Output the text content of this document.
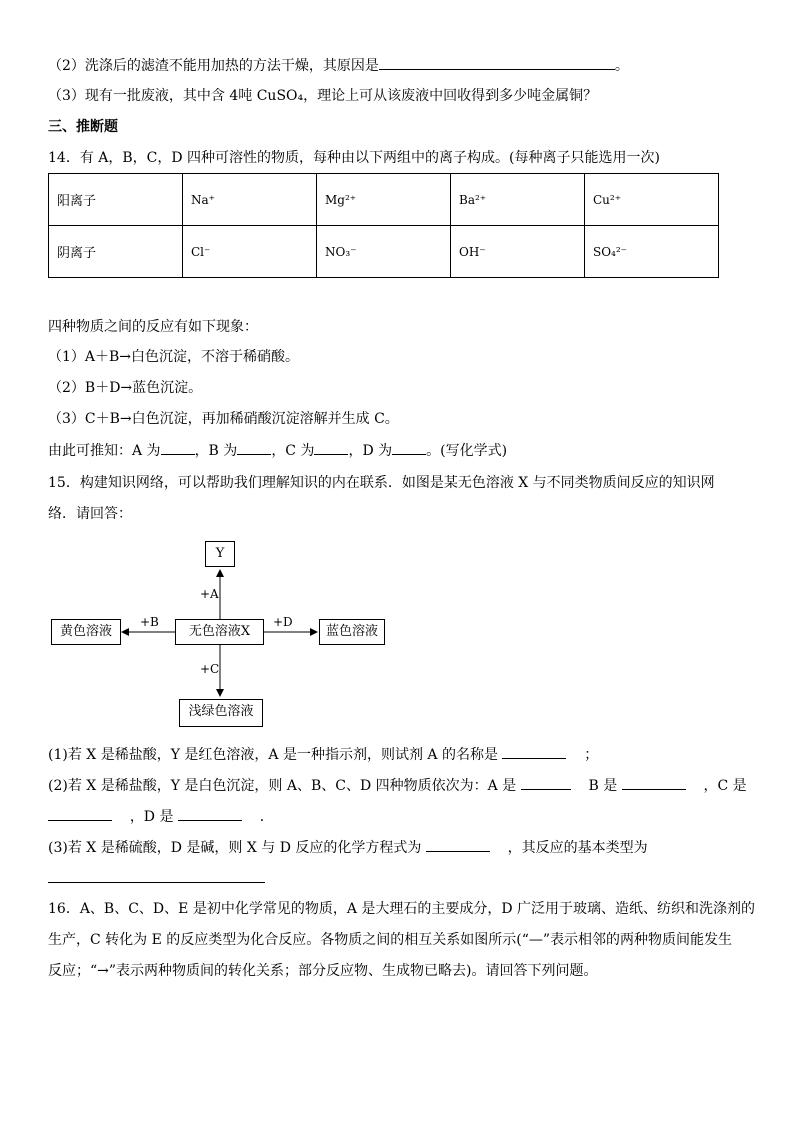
（2）洗涤后的滤渣不能用加热的方法干燥，其原因是	。
（3）现有一批废液，其中含 4吨 CuSO₄，理论上可从该废液中回收得到多少吨金属铜？
三、推断题
14．有 A，B，C，D 四种可溶性的物质，每种由以下两组中的离子构成。(每种离子只能选用一次)
阳离子	Na⁺	Mg²⁺	Ba²⁺	Cu²⁺
阴离子	Cl⁻	NO₃⁻	OH⁻	SO₄²⁻
四种物质之间的反应有如下现象：
（1）A＋B→白色沉淀，不溶于稀硝酸。
（2）B＋D→蓝色沉淀。
（3）C＋B→白色沉淀，再加稀硝酸沉淀溶解并生成 C。
由此可推知：A 为 ，B 为 ，C 为 ，D 为 。(写化学式)
15．构建知识网络，可以帮助我们理解知识的内在联系．如图是某无色溶液 X 与不同类物质间反应的知识网
络．请回答：
Y
无色溶液X
黄色溶液	蓝色溶液
浅绿色溶液
+A
+B	+D
+C
(1)若 X 是稀盐酸，Y 是红色溶液，A 是一种指示剂，则试剂 A 的名称是	；
(2)若 X 是稀盐酸，Y 是白色沉淀，则 A、B、C、D 四种物质依次为：A 是	B 是	，C 是
，D 是	．
(3)若 X 是稀硫酸，D 是碱，则 X 与 D 反应的化学方程式为	，其反应的基本类型为
16．A、B、C、D、E 是初中化学常见的物质，A 是大理石的主要成分，D 广泛用于玻璃、造纸、纺织和洗涤剂的
生产，C 转化为 E 的反应类型为化合反应。各物质之间的相互关系如图所示(“—”表示相邻的两种物质间能发生
反应；“→”表示两种物质间的转化关系；部分反应物、生成物已略去)。请回答下列问题。
